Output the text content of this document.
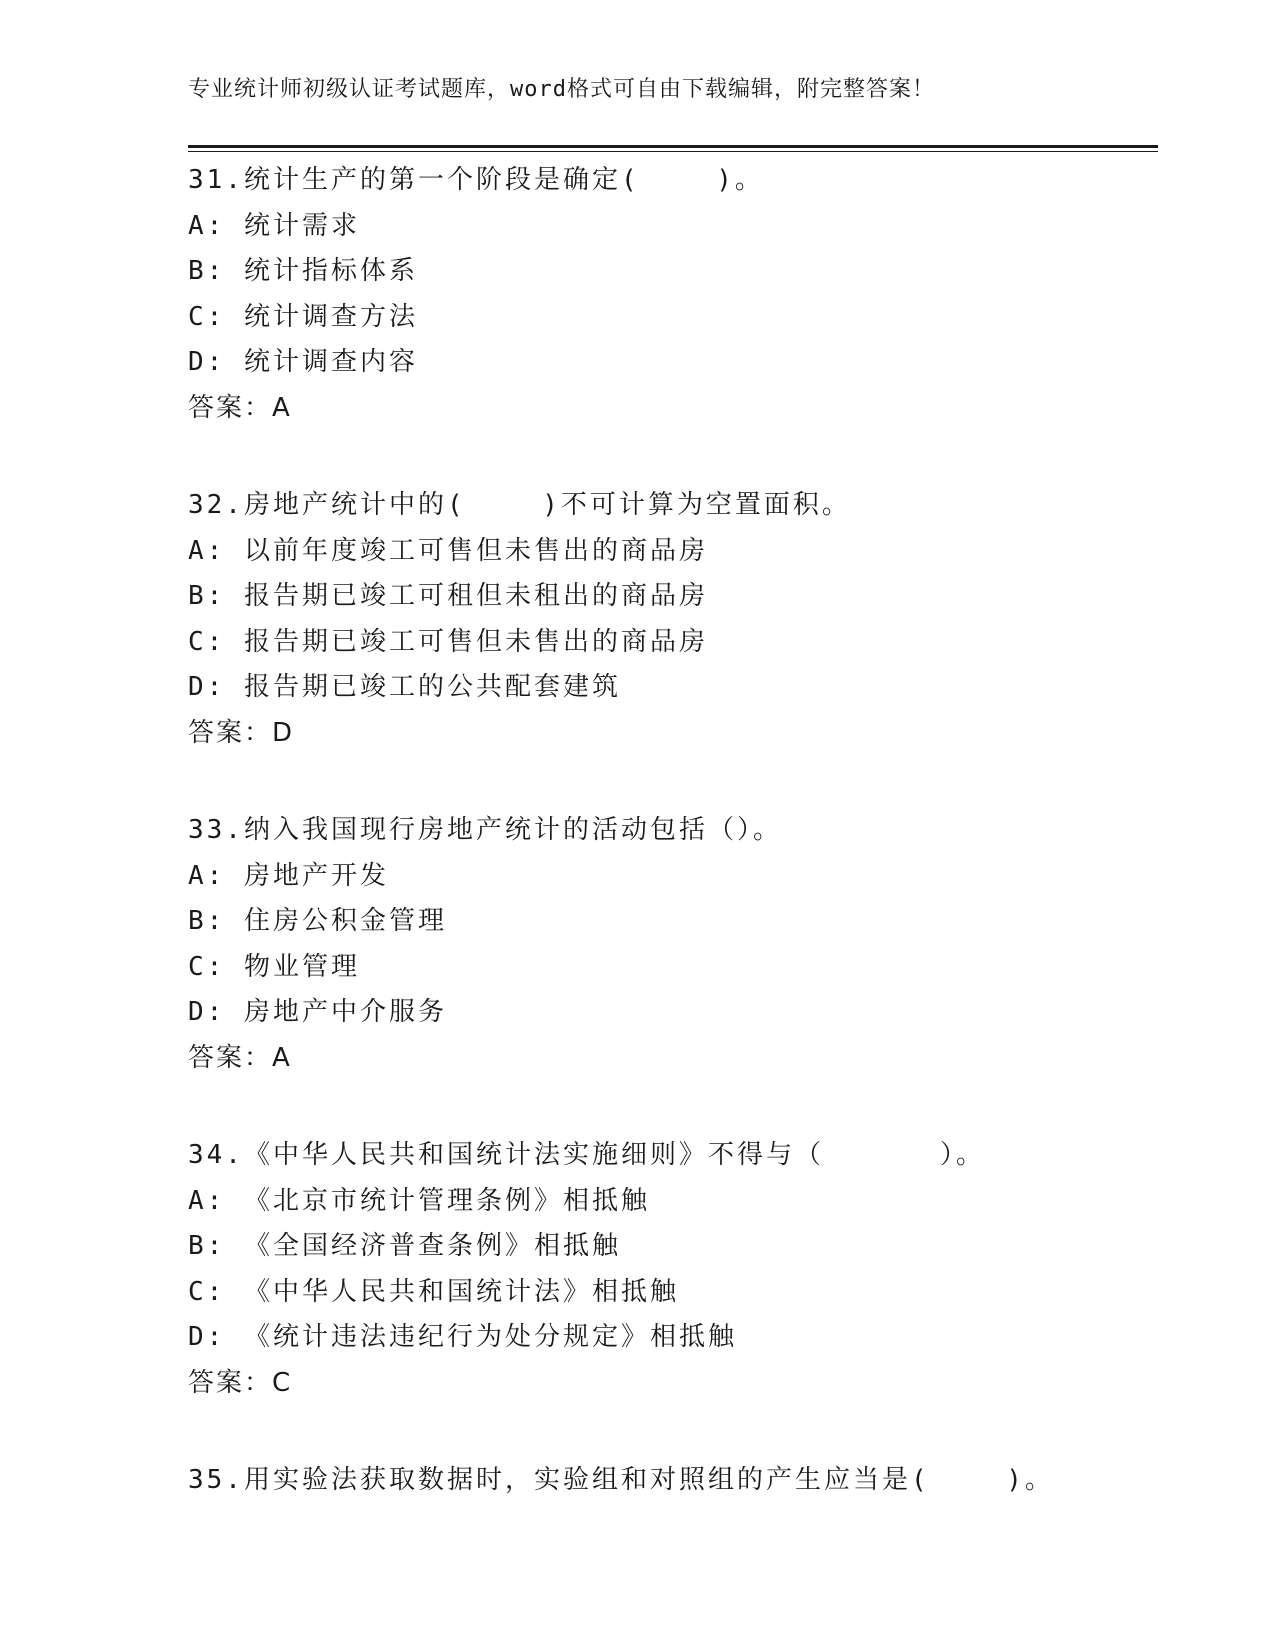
专业统计师初级认证考试题库，word格式可自由下载编辑，附完整答案！
31.统计生产的第一个阶段是确定(　　 )。
A: 统计需求
B: 统计指标体系
C: 统计调查方法
D: 统计调查内容
答案：A
32.房地产统计中的(　　 )不可计算为空置面积。
A: 以前年度竣工可售但未售出的商品房
B: 报告期已竣工可租但未租出的商品房
C: 报告期已竣工可售但未售出的商品房
D: 报告期已竣工的公共配套建筑
答案：D
33.纳入我国现行房地产统计的活动包括（）。
A: 房地产开发
B: 住房公积金管理
C: 物业管理
D: 房地产中介服务
答案：A
34.《中华人民共和国统计法实施细则》不得与（　　　　）。
A: 《北京市统计管理条例》相抵触
B: 《全国经济普查条例》相抵触
C: 《中华人民共和国统计法》相抵触
D: 《统计违法违纪行为处分规定》相抵触
答案：C
35.用实验法获取数据时，实验组和对照组的产生应当是(　　 )。
